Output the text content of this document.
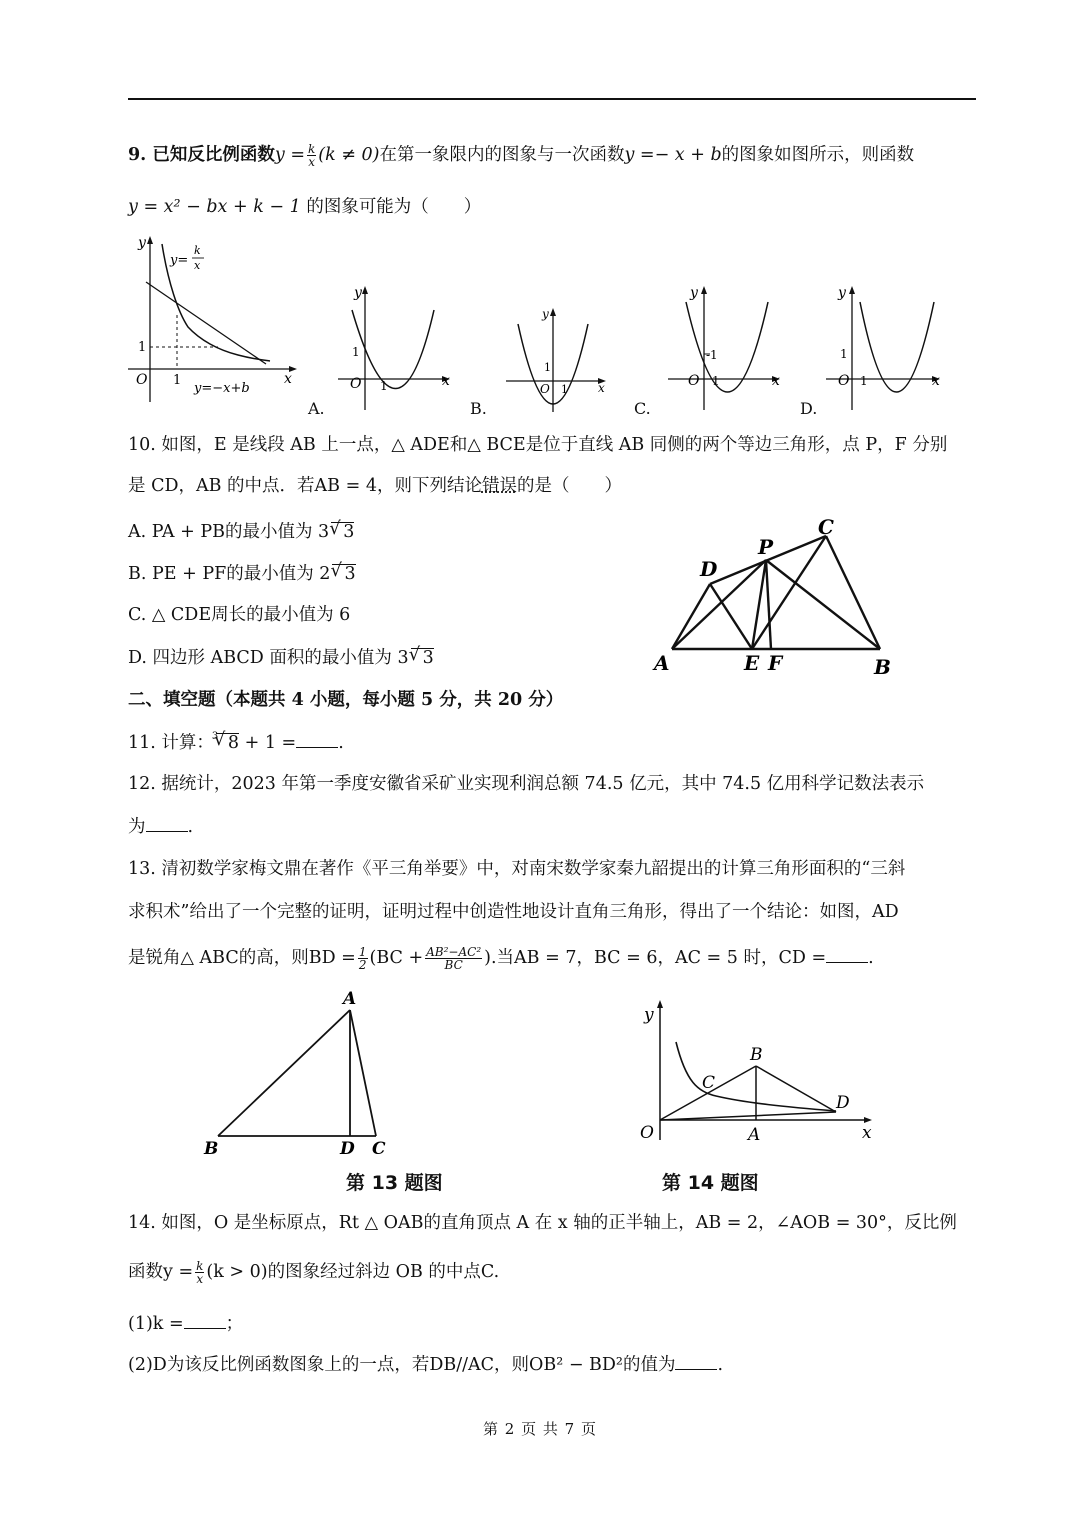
9. 已知反比例函数$y = \frac{k}{x} (k \ne 0)$在第一象限内的图象与一次函数y =− x + b的图象如图所示，则函数
y = x² − bx + k − 1 的图象可能为（　　）
y
x
O 1
1
y=
k
x
y=−x+b
y
x
O
1
1
A.
y
x
O
1
1
B.
y
x
O
-1
1
C.
y
x
O
1
1
D.
10. 如图，E 是线段 AB 上一点，△ ADE和△ BCE是位于直线 AB 同侧的两个等边三角形，点 P，F 分别
是 CD，AB 的中点．若AB = 4，则下列结论错误的是（　　）
A. PA + PB的最小值为 3 √ 3
B. PE + PF的最小值为 2 √ 3
C. △ CDE周长的最小值为 6
D. 四边形 ABCD 面积的最小值为 3 √ 3	A	B
C
D
E F
P
二、填空题（本题共 4 小题，每小题 5 分，共 20 分）
11. 计算：
3 √ 8 + 1 = .
12. 据统计，2023 年第一季度安徽省采矿业实现利润总额 74.5 亿元，其中 74.5 亿用科学记数法表示
为 .
13. 清初数学家梅文鼎在著作《平三角举要》中，对南宋数学家秦九韶提出的计算三角形面积的“三斜
求积术”给出了一个完整的证明，证明过程中创造性地设计直角三角形，得出了一个结论：如图，AD
是锐角△ ABC的高，则BD = $\frac{1}{2} (BC + \frac{\text{AB²−AC²}}{BC}$ ).当AB = 7，BC = 6，AC = 5 时，CD = .
A
B	C
D
第 13 题图
y
x
O	A
B
C
D
第 14 题图
14. 如图，O 是坐标原点，Rt △ OAB的直角顶点 A 在 x 轴的正半轴上，AB = 2，∠AOB = 30°，反比例
函数$y = \frac{k}{x} (k > 0)$的图象经过斜边 OB 的中点C.
(1)k = ；
(2)D为该反比例函数图象上的一点，若DB//AC，则OB² − BD²的值为 .
第 2 页 共 7 页
